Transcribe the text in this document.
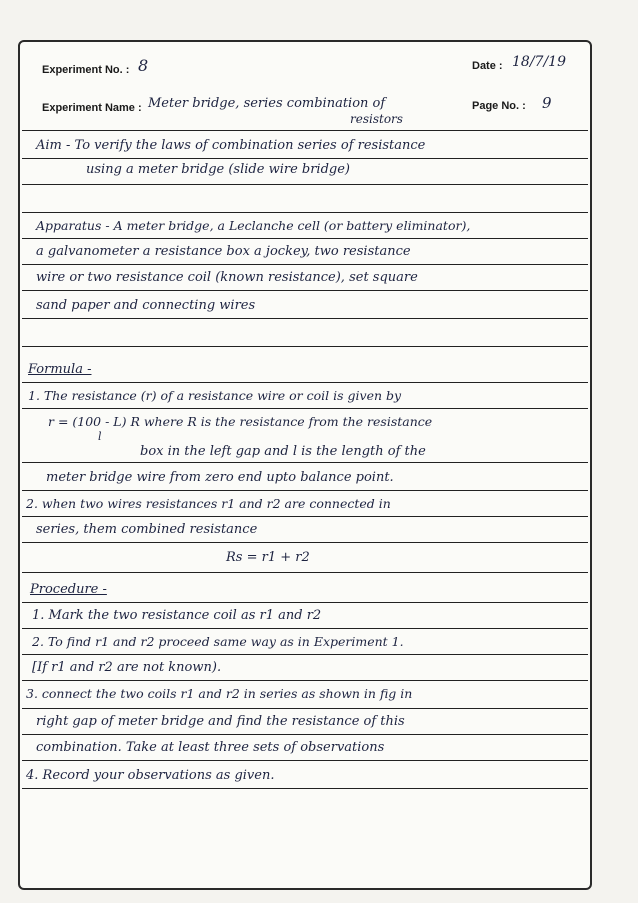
Experiment No. : 8	Date : 18/7/19
Experiment Name : Meter bridge, series combination of
resistors
Page No. : 9
Aim - To verify the laws of combination series of resistance
using a meter bridge (slide wire bridge)
Apparatus - A meter bridge, a Leclanche cell (or battery eliminator),
a galvanometer a resistance box a jockey, two resistance
wire or two resistance coil (known resistance), set square
sand paper and connecting wires
Formula -
1. The resistance (r) of a resistance wire or coil is given by
r = (100 - L) R where R is the resistance from the resistance
l
box in the left gap and l is the length of the
meter bridge wire from zero end upto balance point.
2. when two wires resistances r1 and r2 are connected in
series, them combined resistance
Rs = r1 + r2
Procedure -
1. Mark the two resistance coil as r1 and r2
2. To find r1 and r2 proceed same way as in Experiment 1.
[If r1 and r2 are not known).
3. connect the two coils r1 and r2 in series as shown in fig in
right gap of meter bridge and find the resistance of this
combination. Take at least three sets of observations
4. Record your observations as given.
